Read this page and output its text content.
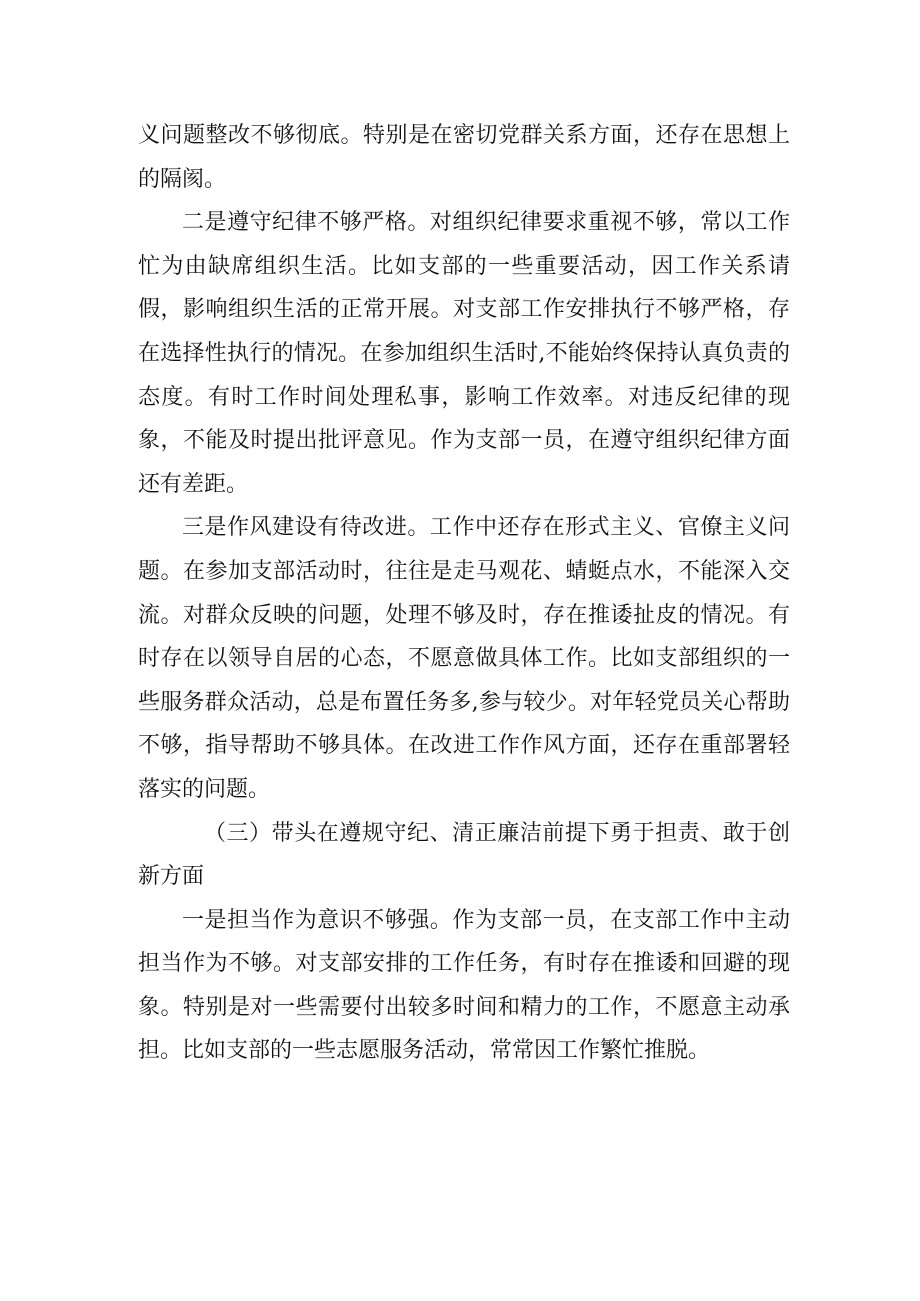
义问题整改不够彻底。特别是在密切党群关系方面，还存在思想上的隔阂。

二是遵守纪律不够严格。对组织纪律要求重视不够，常以工作忙为由缺席组织生活。比如支部的一些重要活动，因工作关系请假，影响组织生活的正常开展。对支部工作安排执行不够严格，存在选择性执行的情况。在参加组织生活时,不能始终保持认真负责的态度。有时工作时间处理私事，影响工作效率。对违反纪律的现象，不能及时提出批评意见。作为支部一员，在遵守组织纪律方面还有差距。

三是作风建设有待改进。工作中还存在形式主义、官僚主义问题。在参加支部活动时，往往是走马观花、蜻蜓点水，不能深入交流。对群众反映的问题，处理不够及时，存在推诿扯皮的情况。有时存在以领导自居的心态，不愿意做具体工作。比如支部组织的一些服务群众活动，总是布置任务多,参与较少。对年轻党员关心帮助不够，指导帮助不够具体。在改进工作作风方面，还存在重部署轻落实的问题。

（三）带头在遵规守纪、清正廉洁前提下勇于担责、敢于创新方面

一是担当作为意识不够强。作为支部一员，在支部工作中主动担当作为不够。对支部安排的工作任务，有时存在推诿和回避的现象。特别是对一些需要付出较多时间和精力的工作，不愿意主动承担。比如支部的一些志愿服务活动，常常因工作繁忙推脱。
